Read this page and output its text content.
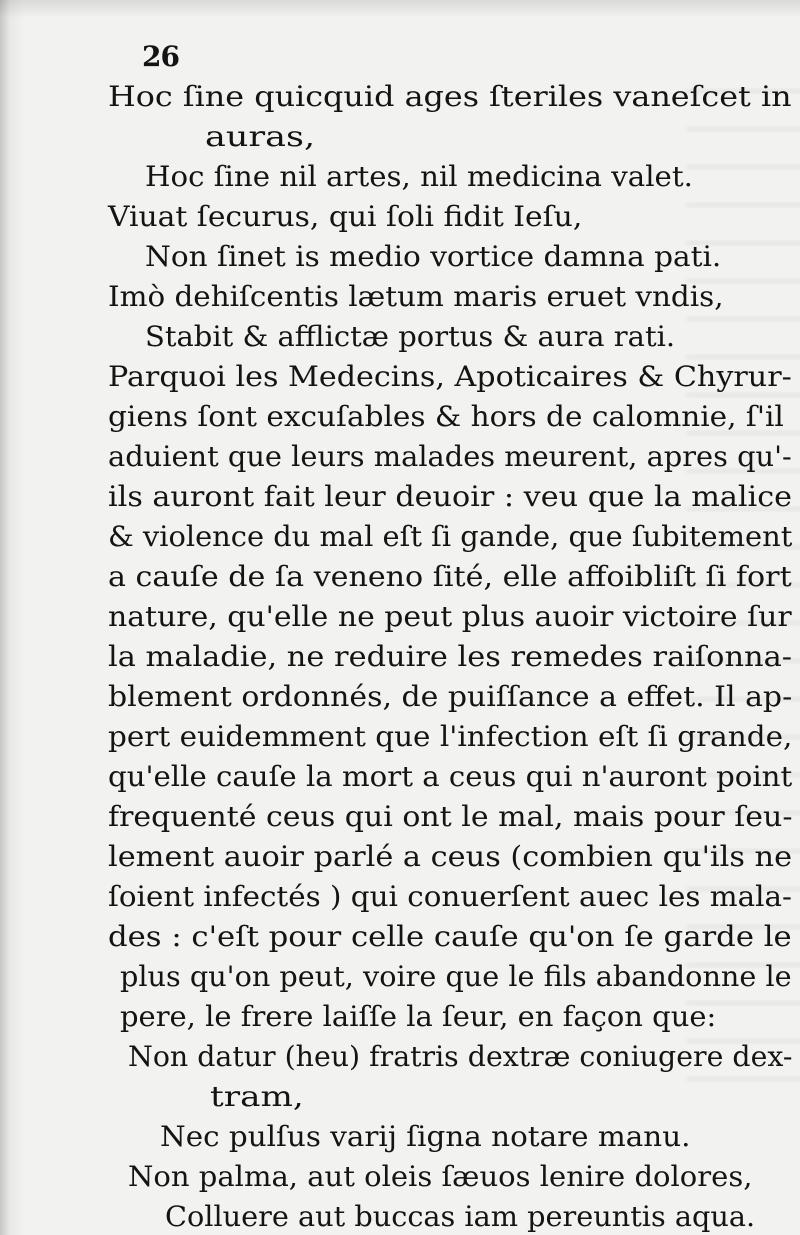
26
Hoc ſine quicquid ages ſteriles vaneſcet in
auras,
Hoc ſine nil artes, nil medicina valet.
Viuat ſecurus, qui ſoli fidit Ieſu,
Non ſinet is medio vortice damna pati.
Imò dehiſcentis lætum maris eruet vndis,
Stabit & afflictæ portus & aura rati.
Parquoi les Medecins, Apoticaires & Chyrur-
giens ſont excuſables & hors de calomnie, ſ'il
aduient que leurs malades meurent, apres qu'-
ils auront fait leur deuoir : veu que la malice
& violence du mal eſt ſi gande, que ſubitement
a cauſe de ſa veneno ſité, elle affoibliſt ſi fort
nature, qu'elle ne peut plus auoir victoire ſur
la maladie, ne reduire les remedes raiſonna-
blement ordonnés, de puiſſance a effet. Il ap-
pert euidemment que l'infection eſt ſi grande,
qu'elle cauſe la mort a ceus qui n'auront point
frequenté ceus qui ont le mal, mais pour ſeu-
lement auoir parlé a ceus (combien qu'ils ne
ſoient infectés ) qui conuerſent auec les mala-
des : c'eſt pour celle cauſe qu'on ſe garde le
plus qu'on peut, voire que le fils abandonne le
pere, le frere laiſſe la ſeur, en façon que:
Non datur (heu) fratris dextræ coniugere dex-
tram,
Nec pulſus varij ſigna notare manu.
Non palma, aut oleis ſæuos lenire dolores,
Colluere aut buccas iam pereuntis aqua.
